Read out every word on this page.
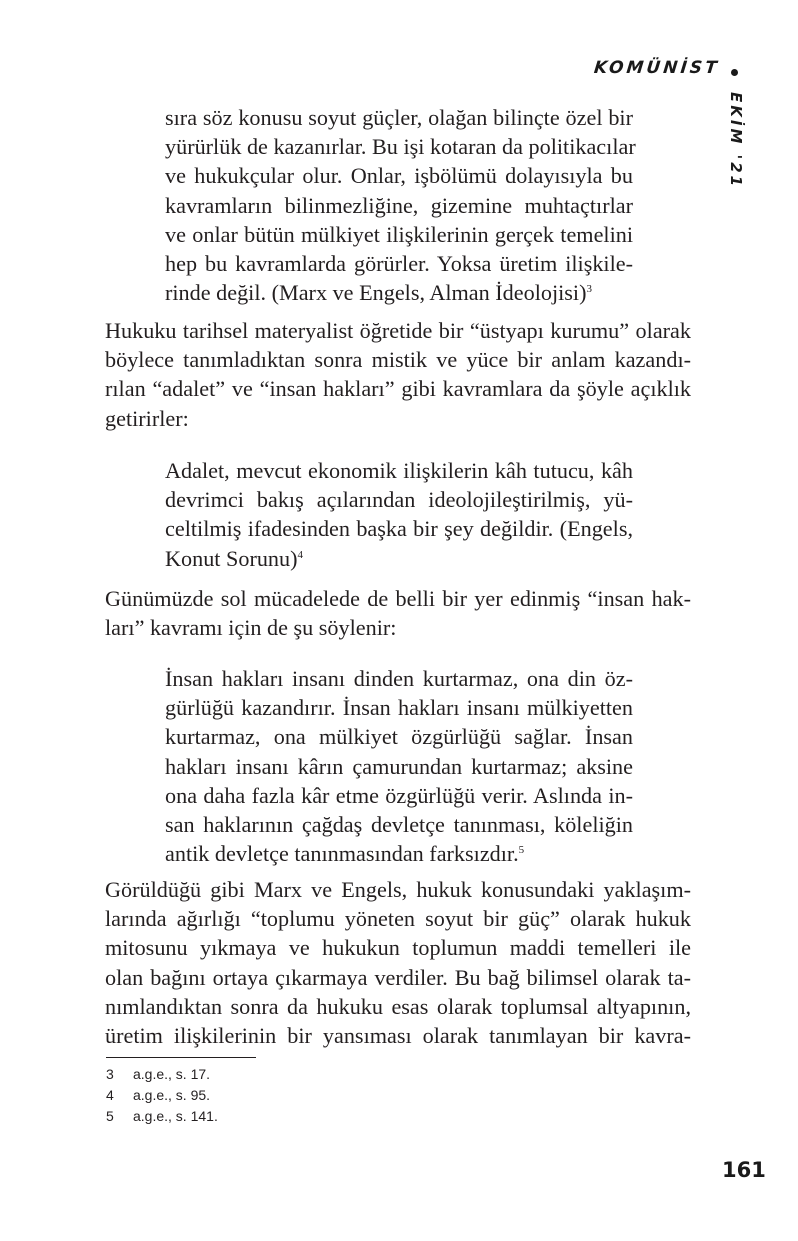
KOMÜNİST
EKİM '21
sıra söz konusu soyut güçler, olağan bilinçte özel bir
yürürlük de kazanırlar. Bu işi kotaran da politikacılar
ve hukukçular olur. Onlar, işbölümü dolayısıyla bu
kavramların bilinmezliğine, gizemine muhtaçtırlar
ve onlar bütün mülkiyet ilişkilerinin gerçek temelini
hep bu kavramlarda görürler. Yoksa üretim ilişkile-
rinde değil. (Marx ve Engels, Alman İdeolojisi)$^3$
Hukuku tarihsel materyalist öğretide bir “üstyapı kurumu” olarak
böylece tanımladıktan sonra mistik ve yüce bir anlam kazandı-
rılan “adalet” ve “insan hakları” gibi kavramlara da şöyle açıklık
getirirler:
Adalet, mevcut ekonomik ilişkilerin kâh tutucu, kâh
devrimci bakış açılarından ideolojileştirilmiş, yü-
celtilmiş ifadesinden başka bir şey değildir. (Engels,
Konut Sorunu)$^4$
Günümüzde sol mücadelede de belli bir yer edinmiş “insan hak-
ları” kavramı için de şu söylenir:
İnsan hakları insanı dinden kurtarmaz, ona din öz-
gürlüğü kazandırır. İnsan hakları insanı mülkiyetten
kurtarmaz, ona mülkiyet özgürlüğü sağlar. İnsan
hakları insanı kârın çamurundan kurtarmaz; aksine
ona daha fazla kâr etme özgürlüğü verir. Aslında in-
san haklarının çağdaş devletçe tanınması, köleliğin
antik devletçe tanınmasından farksızdır.$^5$
Görüldüğü gibi Marx ve Engels, hukuk konusundaki yaklaşım-
larında ağırlığı “toplumu yöneten soyut bir güç” olarak hukuk
mitosunu yıkmaya ve hukukun toplumun maddi temelleri ile
olan bağını ortaya çıkarmaya verdiler. Bu bağ bilimsel olarak ta-
nımlandıktan sonra da hukuku esas olarak toplumsal altyapının,
üretim ilişkilerinin bir yansıması olarak tanımlayan bir kavra-
3	a.g.e., s. 17.
4	a.g.e., s. 95.
5	a.g.e., s. 141.
161
